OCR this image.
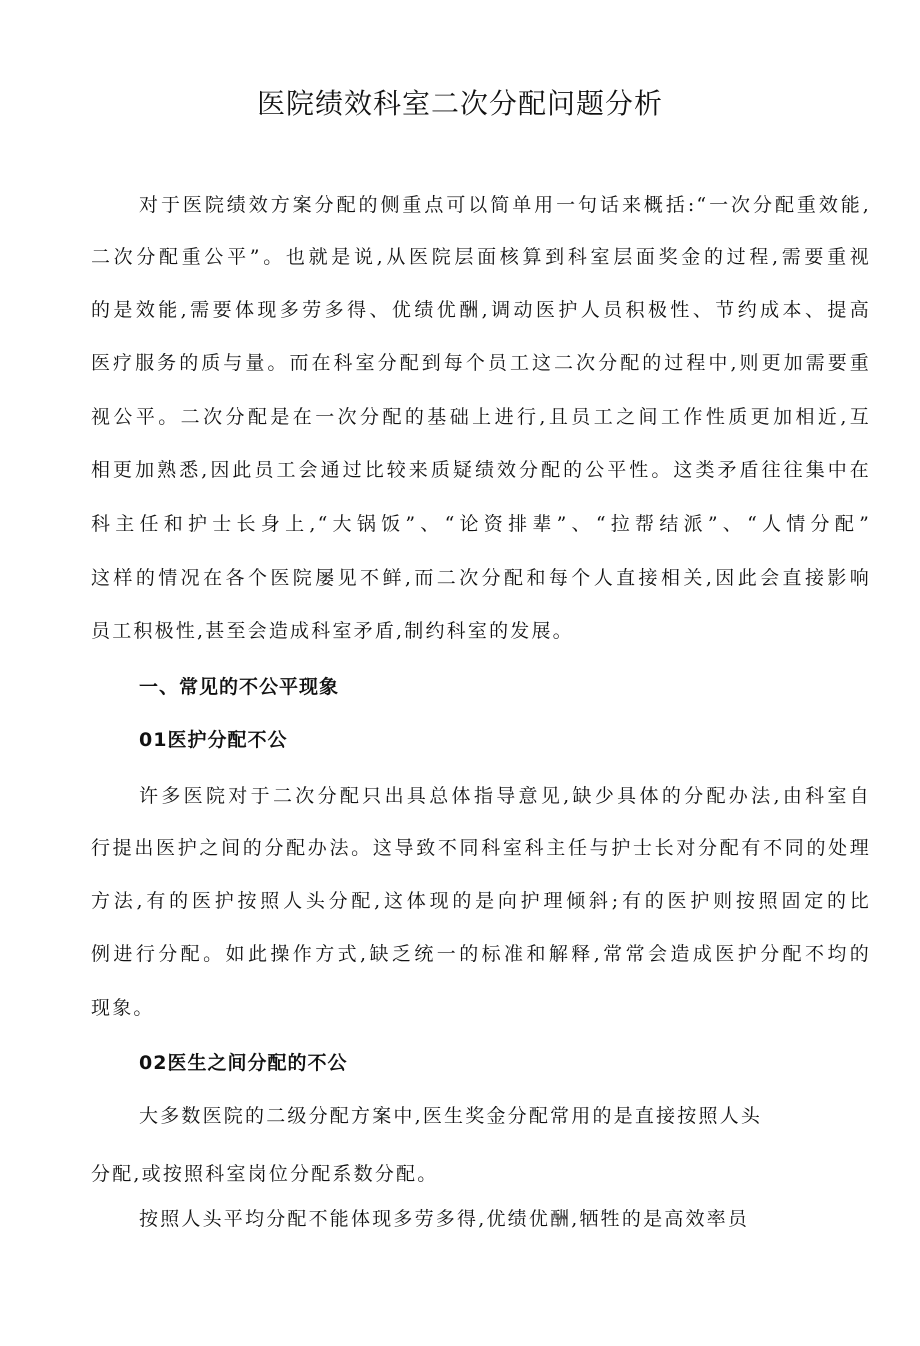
医院绩效科室二次分配问题分析
对于医院绩效方案分配的侧重点可以简单用一句话来概括:“一次分配重效能,
二次分配重公平”。也就是说,从医院层面核算到科室层面奖金的过程,需要重视
的是效能,需要体现多劳多得、优绩优酬,调动医护人员积极性、节约成本、提高
医疗服务的质与量。而在科室分配到每个员工这二次分配的过程中,则更加需要重
视公平。二次分配是在一次分配的基础上进行,且员工之间工作性质更加相近,互
相更加熟悉,因此员工会通过比较来质疑绩效分配的公平性。这类矛盾往往集中在
科主任和护士长身上,“大锅饭”、“论资排辈”、“拉帮结派”、“人情分配”
这样的情况在各个医院屡见不鲜,而二次分配和每个人直接相关,因此会直接影响
员工积极性,甚至会造成科室矛盾,制约科室的发展。
一、常见的不公平现象
01医护分配不公
许多医院对于二次分配只出具总体指导意见,缺少具体的分配办法,由科室自
行提出医护之间的分配办法。这导致不同科室科主任与护士长对分配有不同的处理
方法,有的医护按照人头分配,这体现的是向护理倾斜;有的医护则按照固定的比
例进行分配。如此操作方式,缺乏统一的标准和解释,常常会造成医护分配不均的
现象。
02医生之间分配的不公
大多数医院的二级分配方案中,医生奖金分配常用的是直接按照人头
分配,或按照科室岗位分配系数分配。
按照人头平均分配不能体现多劳多得,优绩优酬,牺牲的是高效率员
